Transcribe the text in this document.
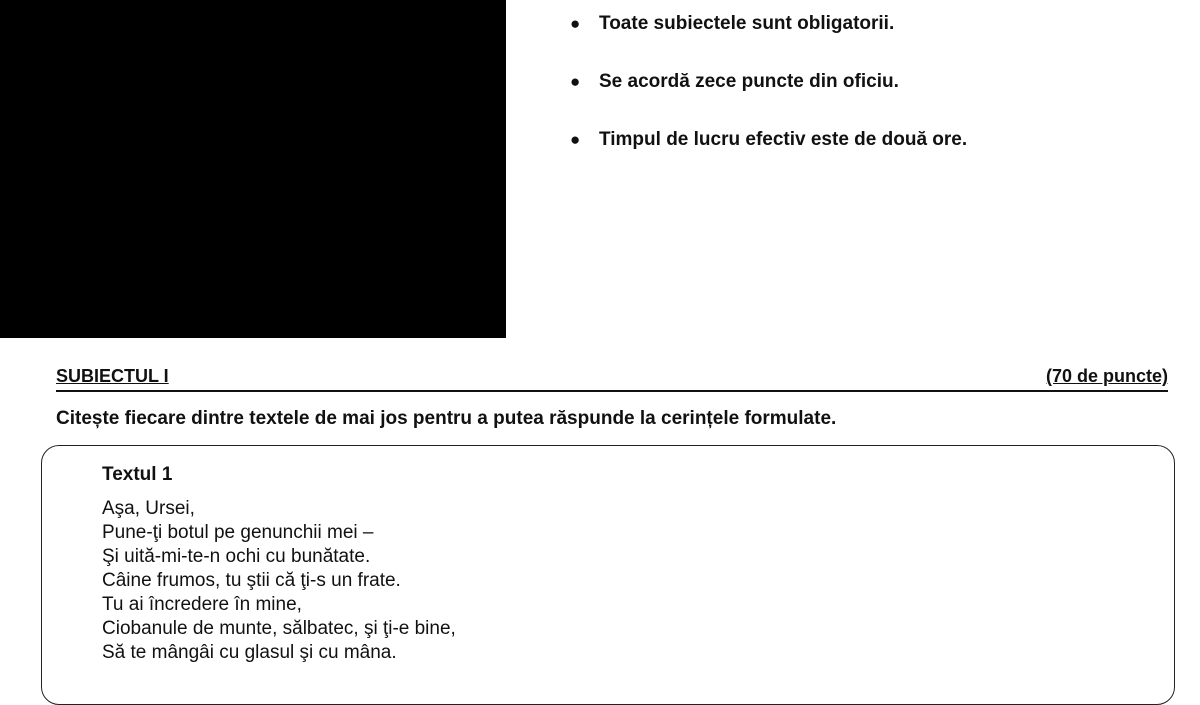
● Toate subiectele sunt obligatorii.
● Se acordă zece puncte din oficiu.
● Timpul de lucru efectiv este de două ore.
SUBIECTUL I	(70 de puncte)
Citește fiecare dintre textele de mai jos pentru a putea răspunde la cerințele formulate.
Textul 1
Aşa, Ursei,
Pune-ţi botul pe genunchii mei –
Şi uită-mi-te-n ochi cu bunătate.
Câine frumos, tu ştii că ţi-s un frate.
Tu ai încredere în mine,
Ciobanule de munte, sălbatec, şi ţi-e bine,
Să te mângâi cu glasul şi cu mâna.
